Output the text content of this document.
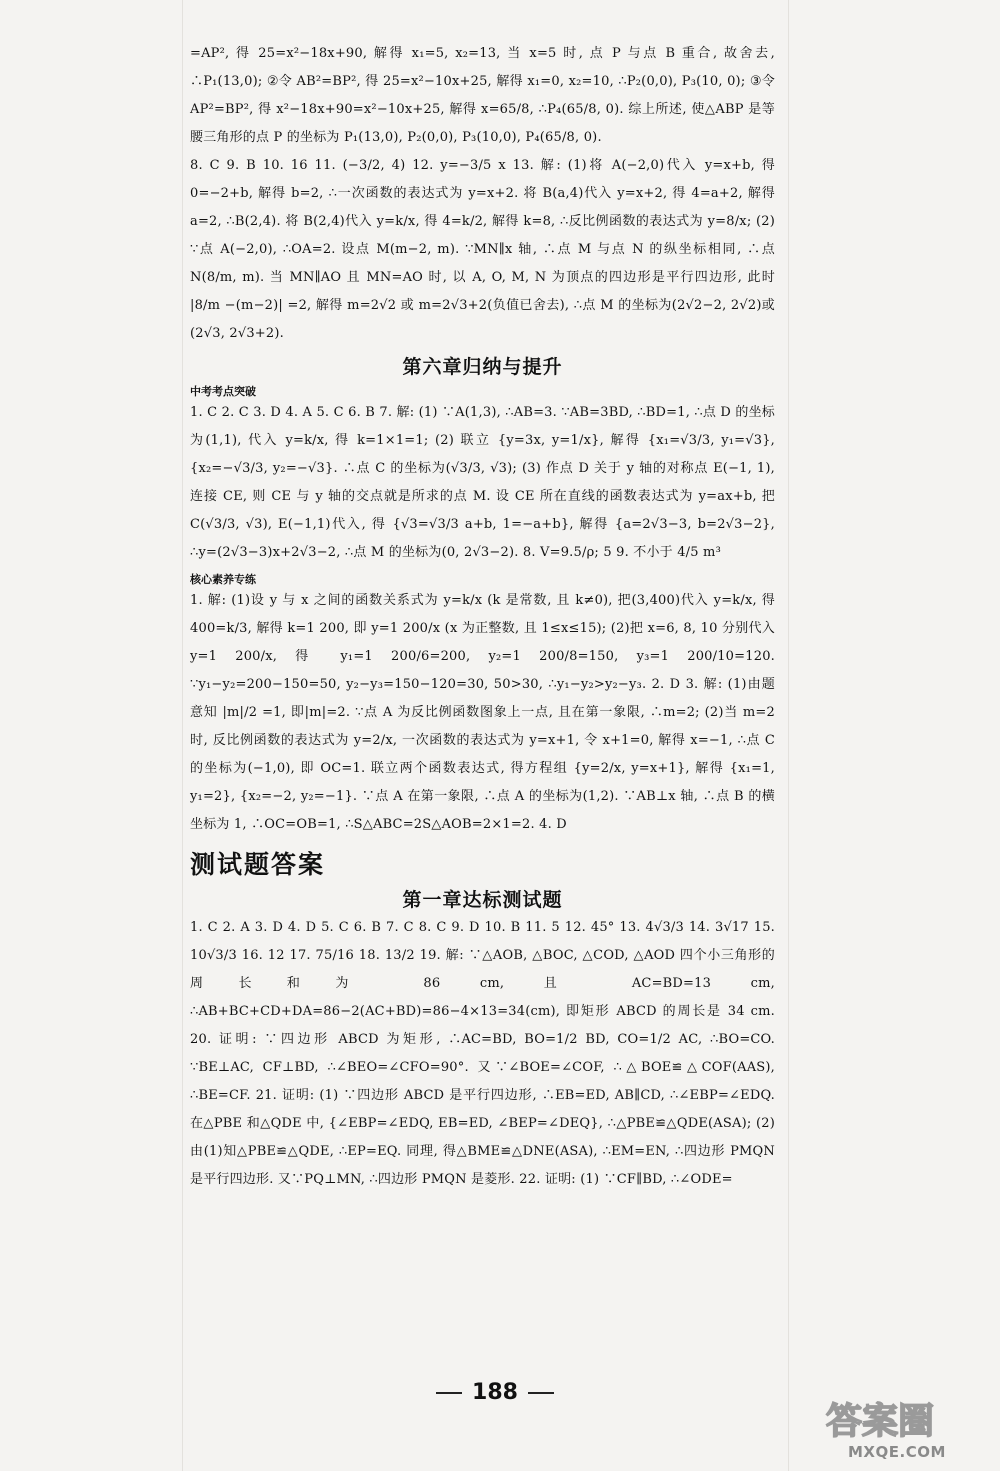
=AP², 得 25=x²−18x+90, 解得 x₁=5, x₂=13, 当 x=5 时, 点 P 与点 B 重合, 故舍去, ∴P₁(13,0); ②令 AB²=BP², 得 25=x²−10x+25, 解得 x₁=0, x₂=10, ∴P₂(0,0), P₃(10, 0); ③令 AP²=BP², 得 x²−18x+90=x²−10x+25, 解得 x=65/8, ∴P₄(65/8, 0). 综上所述, 使△ABP 是等腰三角形的点 P 的坐标为 P₁(13,0), P₂(0,0), P₃(10,0), P₄(65/8, 0).

8. C 9. B 10. 16 11. (−3/2, 4) 12. y=−3/5 x 13. 解: (1)将 A(−2,0)代入 y=x+b, 得 0=−2+b, 解得 b=2, ∴一次函数的表达式为 y=x+2. 将 B(a,4)代入 y=x+2, 得 4=a+2, 解得 a=2, ∴B(2,4). 将 B(2,4)代入 y=k/x, 得 4=k/2, 解得 k=8, ∴反比例函数的表达式为 y=8/x; (2) ∵点 A(−2,0), ∴OA=2. 设点 M(m−2, m). ∵MN∥x 轴, ∴点 M 与点 N 的纵坐标相同, ∴点 N(8/m, m). 当 MN∥AO 且 MN=AO 时, 以 A, O, M, N 为顶点的四边形是平行四边形, 此时 |8/m −(m−2)| =2, 解得 m=2√2 或 m=2√3+2(负值已舍去), ∴点 M 的坐标为(2√2−2, 2√2)或(2√3, 2√3+2).

第六章归纳与提升
中考考点突破

1. C 2. C 3. D 4. A 5. C 6. B 7. 解: (1) ∵A(1,3), ∴AB=3. ∵AB=3BD, ∴BD=1, ∴点 D 的坐标为(1,1), 代入 y=k/x, 得 k=1×1=1; (2) 联立 {y=3x, y=1/x}, 解得 {x₁=√3/3, y₁=√3}, {x₂=−√3/3, y₂=−√3}. ∴点 C 的坐标为(√3/3, √3); (3) 作点 D 关于 y 轴的对称点 E(−1, 1), 连接 CE, 则 CE 与 y 轴的交点就是所求的点 M. 设 CE 所在直线的函数表达式为 y=ax+b, 把 C(√3/3, √3), E(−1,1)代入, 得 {√3=√3/3 a+b, 1=−a+b}, 解得 {a=2√3−3, b=2√3−2}, ∴y=(2√3−3)x+2√3−2, ∴点 M 的坐标为(0, 2√3−2). 8. V=9.5/ρ; 5 9. 不小于 4/5 m³

核心素养专练

1. 解: (1)设 y 与 x 之间的函数关系式为 y=k/x (k 是常数, 且 k≠0), 把(3,400)代入 y=k/x, 得 400=k/3, 解得 k=1 200, 即 y=1 200/x (x 为正整数, 且 1≤x≤15); (2)把 x=6, 8, 10 分别代入 y=1 200/x, 得 y₁=1 200/6=200, y₂=1 200/8=150, y₃=1 200/10=120. ∵y₁−y₂=200−150=50, y₂−y₃=150−120=30, 50>30, ∴y₁−y₂>y₂−y₃. 2. D 3. 解: (1)由题意知 |m|/2 =1, 即|m|=2. ∵点 A 为反比例函数图象上一点, 且在第一象限, ∴m=2; (2)当 m=2 时, 反比例函数的表达式为 y=2/x, 一次函数的表达式为 y=x+1, 令 x+1=0, 解得 x=−1, ∴点 C 的坐标为(−1,0), 即 OC=1. 联立两个函数表达式, 得方程组 {y=2/x, y=x+1}, 解得 {x₁=1, y₁=2}, {x₂=−2, y₂=−1}. ∵点 A 在第一象限, ∴点 A 的坐标为(1,2). ∵AB⊥x 轴, ∴点 B 的横坐标为 1, ∴OC=OB=1, ∴S△ABC=2S△AOB=2×1=2. 4. D

测试题答案
第一章达标测试题

1. C 2. A 3. D 4. D 5. C 6. B 7. C 8. C 9. D 10. B 11. 5 12. 45° 13. 4√3/3 14. 3√17 15. 10√3/3 16. 12 17. 75/16 18. 13/2 19. 解: ∵△AOB, △BOC, △COD, △AOD 四个小三角形的周长和为 86 cm, 且 AC=BD=13 cm, ∴AB+BC+CD+DA=86−2(AC+BD)=86−4×13=34(cm), 即矩形 ABCD 的周长是 34 cm. 20. 证明: ∵四边形 ABCD 为矩形, ∴AC=BD, BO=1/2 BD, CO=1/2 AC, ∴BO=CO. ∵BE⊥AC, CF⊥BD, ∴∠BEO=∠CFO=90°. 又∵∠BOE=∠COF, ∴△BOE≌△COF(AAS), ∴BE=CF. 21. 证明: (1) ∵四边形 ABCD 是平行四边形, ∴EB=ED, AB∥CD, ∴∠EBP=∠EDQ. 在△PBE 和△QDE 中, {∠EBP=∠EDQ, EB=ED, ∠BEP=∠DEQ}, ∴△PBE≌△QDE(ASA); (2)由(1)知△PBE≌△QDE, ∴EP=EQ. 同理, 得△BME≌△DNE(ASA), ∴EM=EN, ∴四边形 PMQN 是平行四边形. 又∵PQ⊥MN, ∴四边形 PMQN 是菱形. 22. 证明: (1) ∵CF∥BD, ∴∠ODE=

188
答案圈
MXQE.COM
